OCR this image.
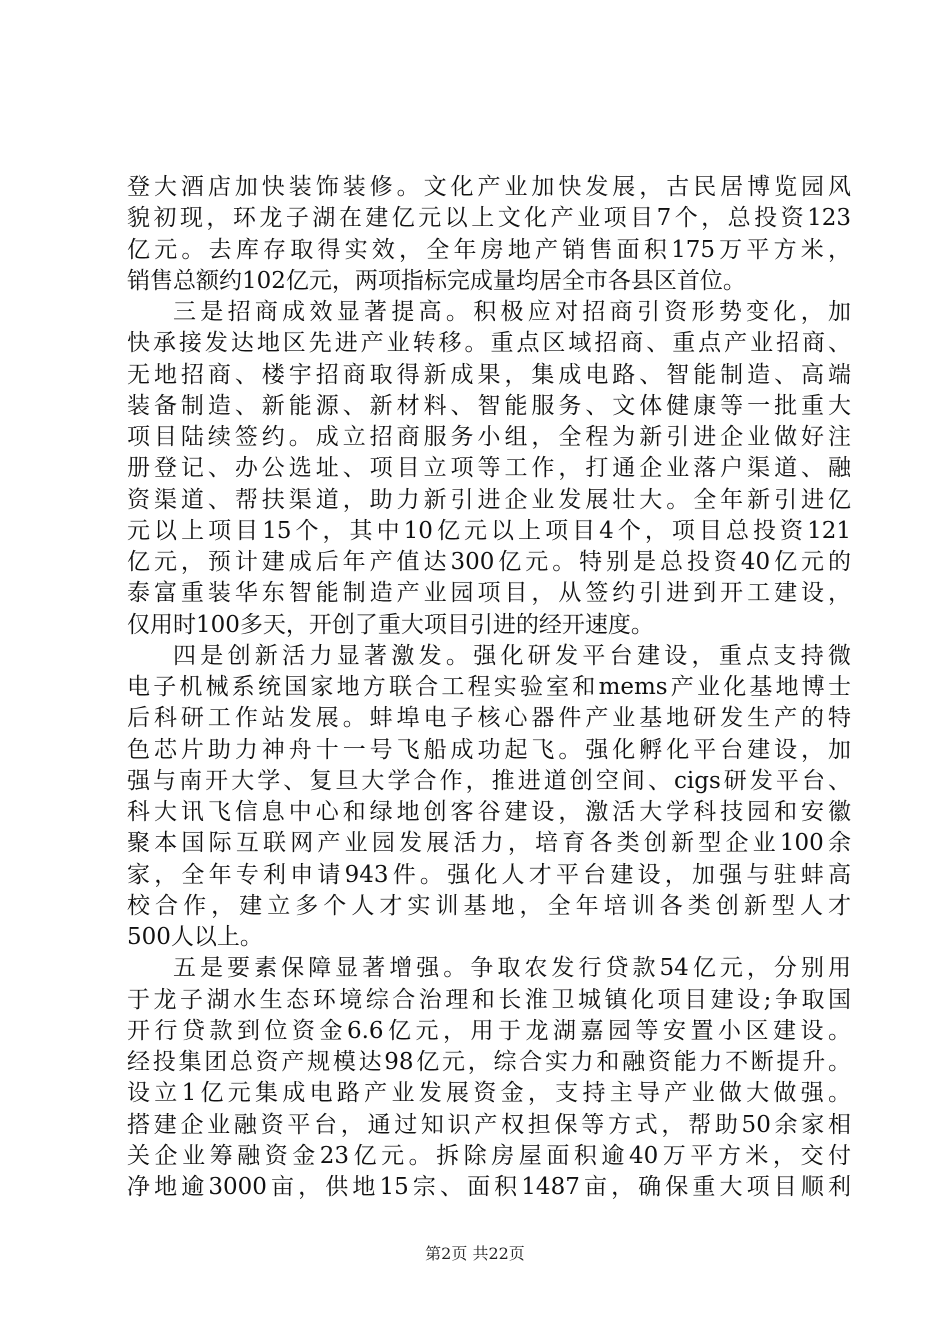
登大酒店加快装饰装修。文化产业加快发展，古民居博览园风
貌初现，环龙子湖在建亿元以上文化产业项目7个，总投资123
亿元。去库存取得实效，全年房地产销售面积175万平方米，
销售总额约102亿元，两项指标完成量均居全市各县区首位。
三是招商成效显著提高。积极应对招商引资形势变化，加
快承接发达地区先进产业转移。重点区域招商、重点产业招商、
无地招商、楼宇招商取得新成果，集成电路、智能制造、高端
装备制造、新能源、新材料、智能服务、文体健康等一批重大
项目陆续签约。成立招商服务小组，全程为新引进企业做好注
册登记、办公选址、项目立项等工作，打通企业落户渠道、融
资渠道、帮扶渠道，助力新引进企业发展壮大。全年新引进亿
元以上项目15个，其中10亿元以上项目4个，项目总投资121
亿元，预计建成后年产值达300亿元。特别是总投资40亿元的
泰富重装华东智能制造产业园项目，从签约引进到开工建设，
仅用时100多天，开创了重大项目引进的经开速度。
四是创新活力显著激发。强化研发平台建设，重点支持微
电子机械系统国家地方联合工程实验室和mems产业化基地博士
后科研工作站发展。蚌埠电子核心器件产业基地研发生产的特
色芯片助力神舟十一号飞船成功起飞。强化孵化平台建设，加
强与南开大学、复旦大学合作，推进道创空间、cigs研发平台、
科大讯飞信息中心和绿地创客谷建设，激活大学科技园和安徽
聚本国际互联网产业园发展活力，培育各类创新型企业100余
家，全年专利申请943件。强化人才平台建设，加强与驻蚌高
校合作，建立多个人才实训基地，全年培训各类创新型人才
500人以上。
五是要素保障显著增强。争取农发行贷款54亿元，分别用
于龙子湖水生态环境综合治理和长淮卫城镇化项目建设;争取国
开行贷款到位资金6.6亿元，用于龙湖嘉园等安置小区建设。
经投集团总资产规模达98亿元，综合实力和融资能力不断提升。
设立1亿元集成电路产业发展资金，支持主导产业做大做强。
搭建企业融资平台，通过知识产权担保等方式，帮助50余家相
关企业筹融资金23亿元。拆除房屋面积逾40万平方米，交付
净地逾3000亩，供地15宗、面积1487亩，确保重大项目顺利
第2页 共22页
